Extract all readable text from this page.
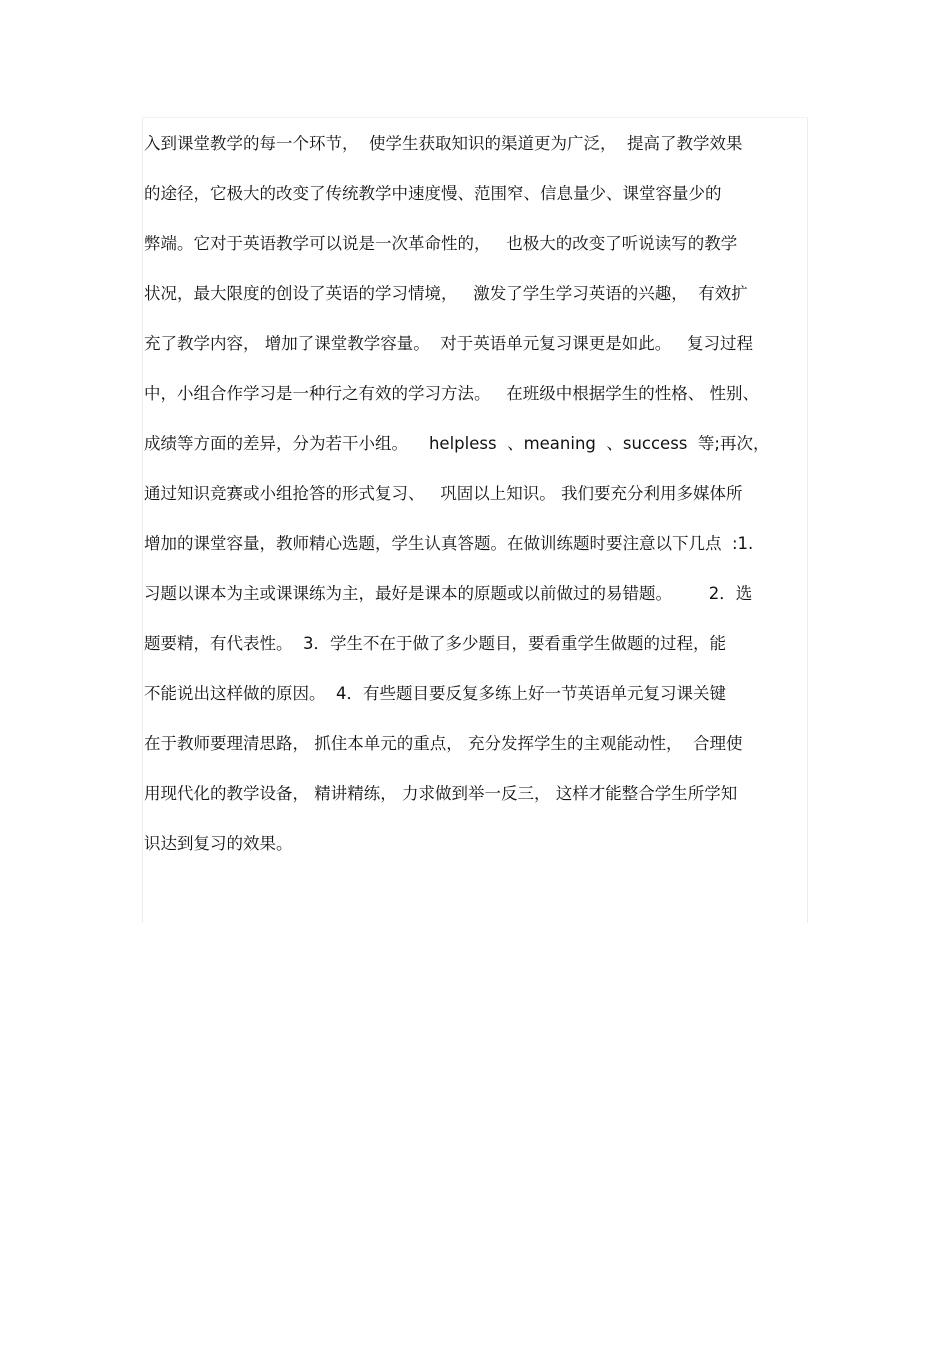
入到课堂教学的每一个环节，  使学生获取知识的渠道更为广泛，  提高了教学效果
的途径，它极大的改变了传统教学中速度慢、范围窄、信息量少、课堂容量少的
弊端。它对于英语教学可以说是一次革命性的，   也极大的改变了听说读写的教学
状况，最大限度的创设了英语的学习情境，   激发了学生学习英语的兴趣，  有效扩
充了教学内容， 增加了课堂教学容量。  对于英语单元复习课更是如此。   复习过程
中，小组合作学习是一种行之有效的学习方法。   在班级中根据学生的性格、 性别、
成绩等方面的差异，分为若干小组。    helpless  、meaning  、success  等;再次，
通过知识竞赛或小组抢答的形式复习、   巩固以上知识。 我们要充分利用多媒体所
增加的课堂容量，教师精心选题，学生认真答题。在做训练题时要注意以下几点  :1.
习题以课本为主或课课练为主，最好是课本的原题或以前做过的易错题。       2．选
题要精，有代表性。  3．学生不在于做了多少题目，要看重学生做题的过程，能
不能说出这样做的原因。  4．有些题目要反复多练上好一节英语单元复习课关键
在于教师要理清思路， 抓住本单元的重点， 充分发挥学生的主观能动性，  合理使
用现代化的教学设备， 精讲精练， 力求做到举一反三， 这样才能整合学生所学知
识达到复习的效果。
